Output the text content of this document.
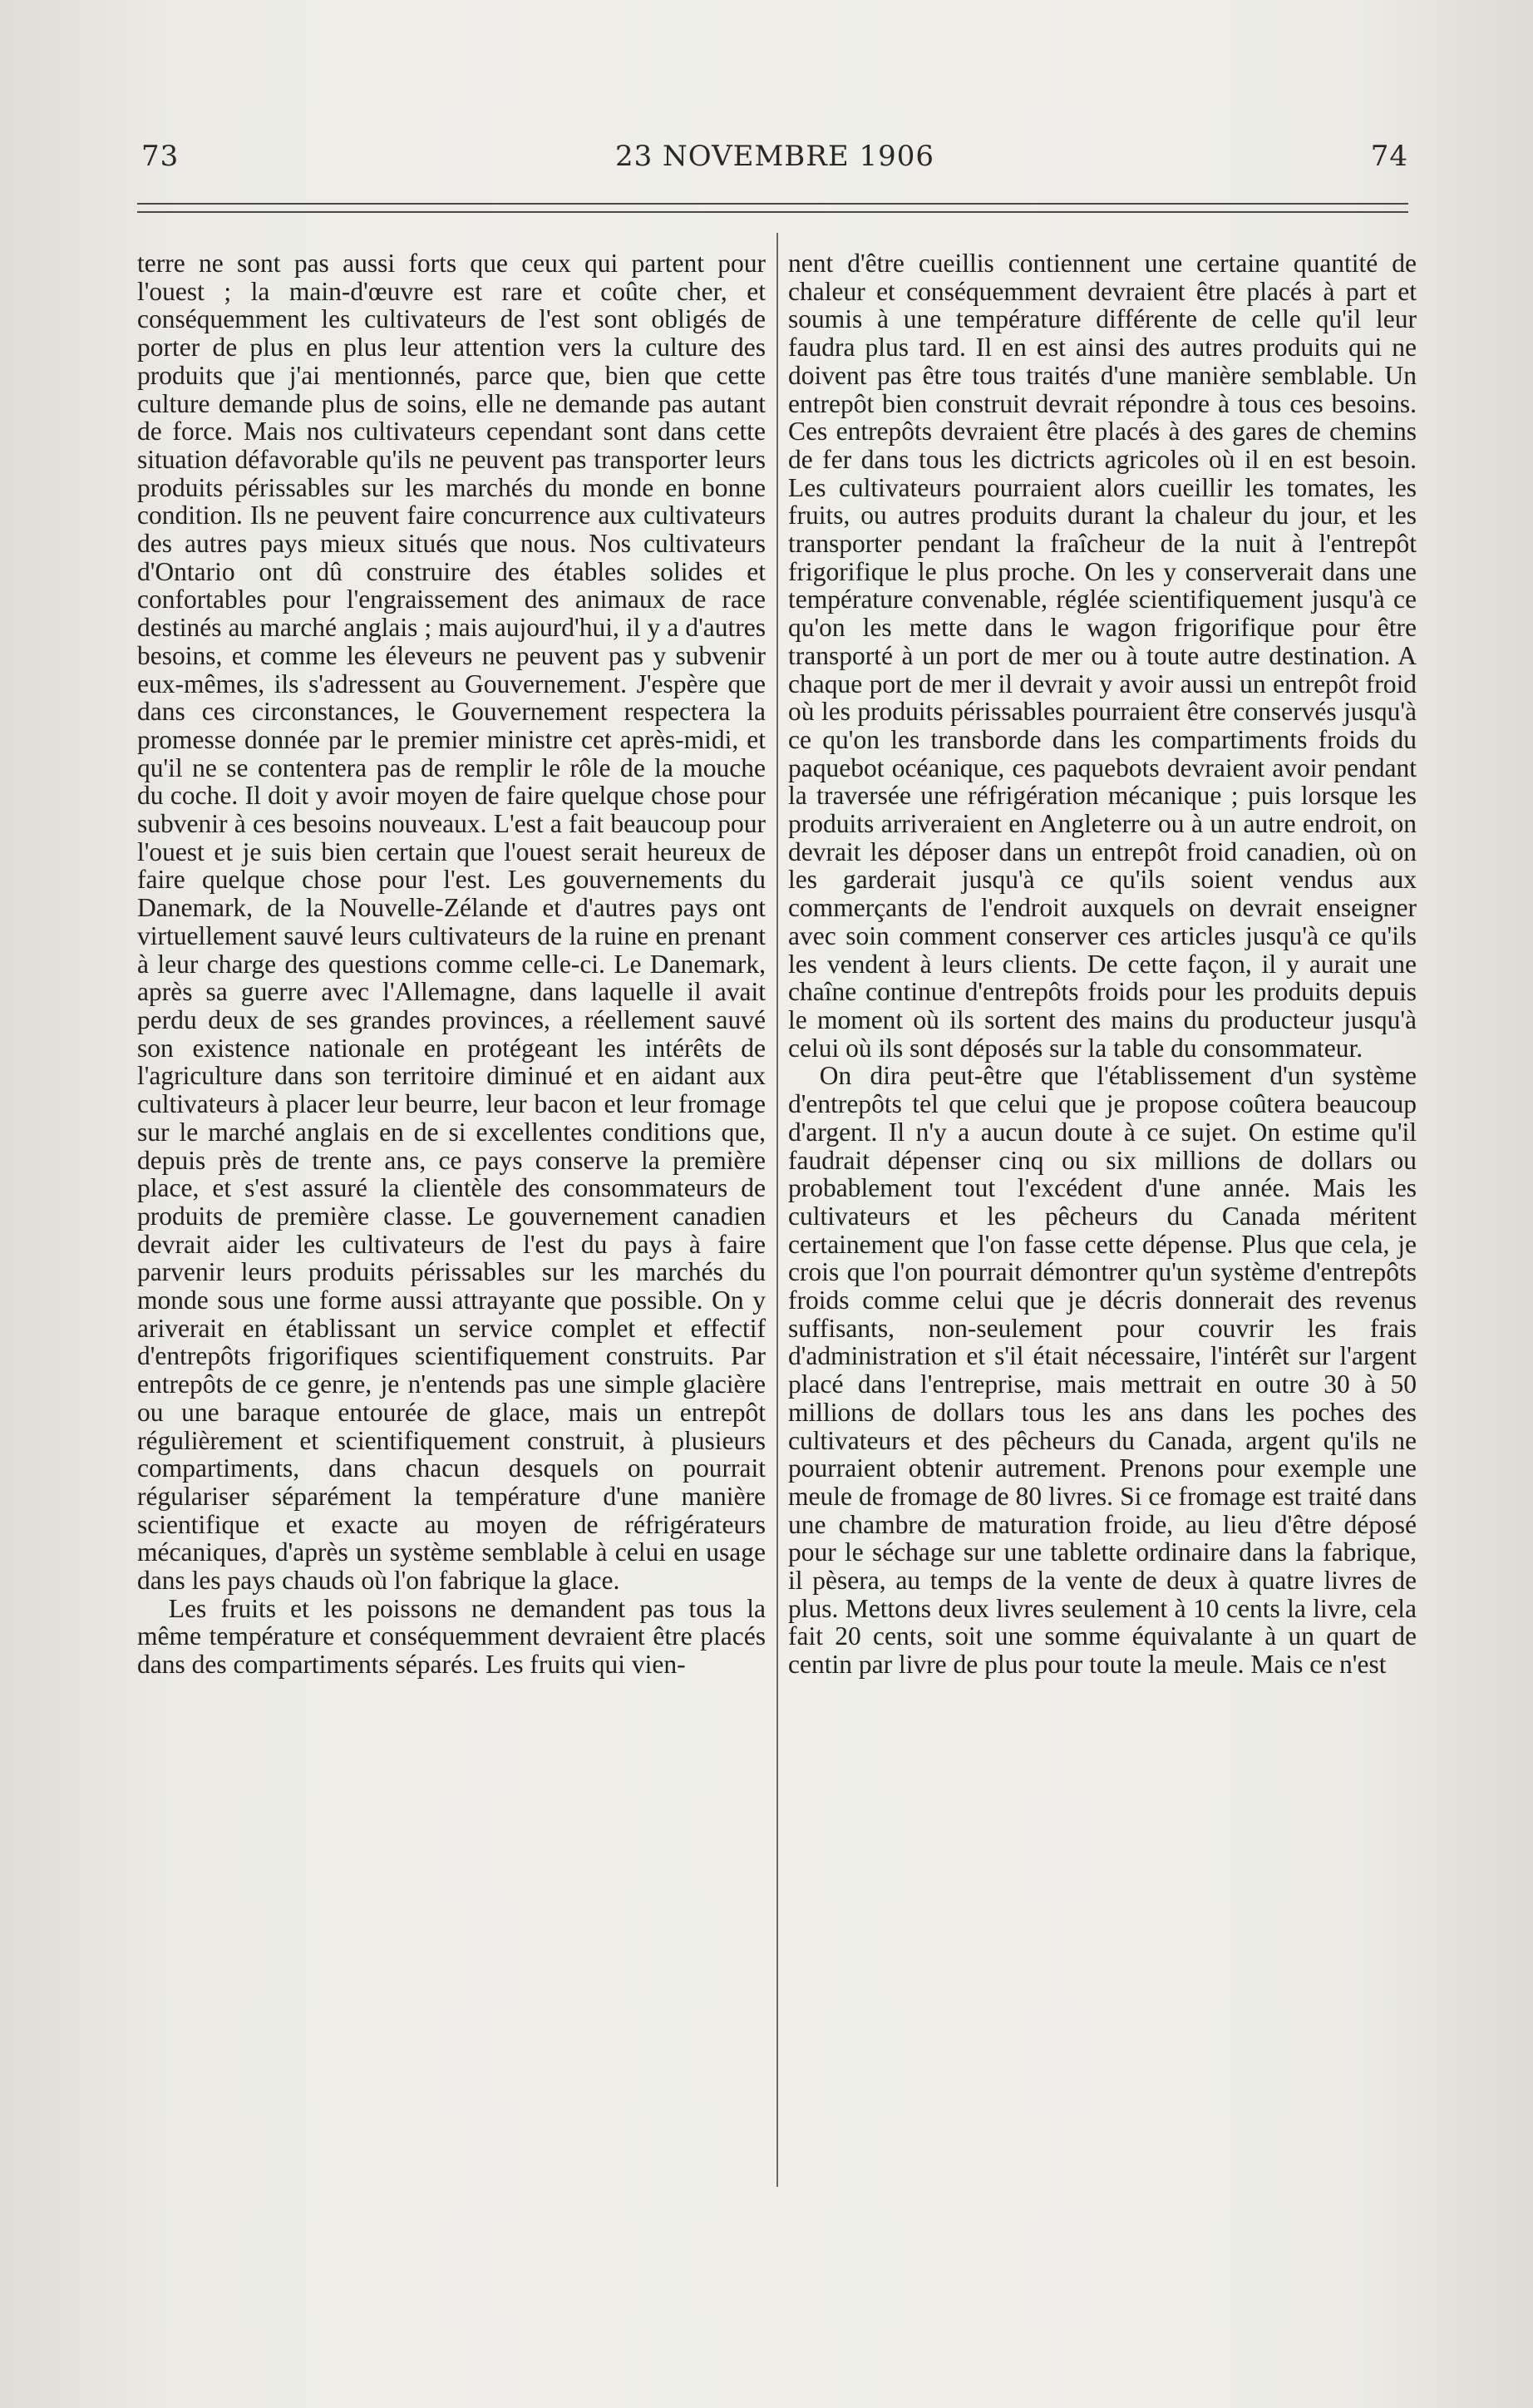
73	23 NOVEMBRE 1906	74

terre ne sont pas aussi forts que ceux qui partent pour l'ouest ; la main-d'œuvre est rare et coûte cher, et conséquemment les cultivateurs de l'est sont obligés de porter de plus en plus leur attention vers la culture des produits que j'ai mentionnés, parce que, bien que cette culture demande plus de soins, elle ne demande pas autant de force. Mais nos cultivateurs cependant sont dans cette situation défavorable qu'ils ne peuvent pas transporter leurs produits périssables sur les marchés du monde en bonne condition. Ils ne peuvent faire concurrence aux cultivateurs des autres pays mieux situés que nous. Nos cultivateurs d'Ontario ont dû construire des étables solides et confortables pour l'engraissement des animaux de race destinés au marché anglais ; mais aujourd'hui, il y a d'autres besoins, et comme les éleveurs ne peuvent pas y subvenir eux-mêmes, ils s'adressent au Gouvernement. J'espère que dans ces circonstances, le Gouvernement respectera la promesse donnée par le premier ministre cet après-midi, et qu'il ne se contentera pas de remplir le rôle de la mouche du coche. Il doit y avoir moyen de faire quelque chose pour subvenir à ces besoins nouveaux. L'est a fait beaucoup pour l'ouest et je suis bien certain que l'ouest serait heureux de faire quelque chose pour l'est. Les gouvernements du Danemark, de la Nouvelle-Zélande et d'autres pays ont virtuellement sauvé leurs cultivateurs de la ruine en prenant à leur charge des questions comme celle-ci. Le Danemark, après sa guerre avec l'Allemagne, dans laquelle il avait perdu deux de ses grandes provinces, a réellement sauvé son existence nationale en protégeant les intérêts de l'agriculture dans son territoire diminué et en aidant aux cultivateurs à placer leur beurre, leur bacon et leur fromage sur le marché anglais en de si excellentes conditions que, depuis près de trente ans, ce pays conserve la première place, et s'est assuré la clientèle des consommateurs de produits de première classe. Le gouvernement canadien devrait aider les cultivateurs de l'est du pays à faire parvenir leurs produits périssables sur les marchés du monde sous une forme aussi attrayante que possible. On y ariverait en établissant un service complet et effectif d'entrepôts frigorifiques scientifiquement construits. Par entrepôts de ce genre, je n'entends pas une simple glacière ou une baraque entourée de glace, mais un entrepôt régulièrement et scientifiquement construit, à plusieurs compartiments, dans chacun desquels on pourrait régulariser séparément la température d'une manière scientifique et exacte au moyen de réfrigérateurs mécaniques, d'après un système semblable à celui en usage dans les pays chauds où l'on fabrique la glace.

Les fruits et les poissons ne demandent pas tous la même température et conséquemment devraient être placés dans des compartiments séparés. Les fruits qui vien-

nent d'être cueillis contiennent une certaine quantité de chaleur et conséquemment devraient être placés à part et soumis à une température différente de celle qu'il leur faudra plus tard. Il en est ainsi des autres produits qui ne doivent pas être tous traités d'une manière semblable. Un entrepôt bien construit devrait répondre à tous ces besoins. Ces entrepôts devraient être placés à des gares de chemins de fer dans tous les dictricts agricoles où il en est besoin. Les cultivateurs pourraient alors cueillir les tomates, les fruits, ou autres produits durant la chaleur du jour, et les transporter pendant la fraîcheur de la nuit à l'entrepôt frigorifique le plus proche. On les y conserverait dans une température convenable, réglée scientifiquement jusqu'à ce qu'on les mette dans le wagon frigorifique pour être transporté à un port de mer ou à toute autre destination. A chaque port de mer il devrait y avoir aussi un entrepôt froid où les produits périssables pourraient être conservés jusqu'à ce qu'on les transborde dans les compartiments froids du paquebot océanique, ces paquebots devraient avoir pendant la traversée une réfrigération mécanique ; puis lorsque les produits arriveraient en Angleterre ou à un autre endroit, on devrait les déposer dans un entrepôt froid canadien, où on les garderait jusqu'à ce qu'ils soient vendus aux commerçants de l'endroit auxquels on devrait enseigner avec soin comment conserver ces articles jusqu'à ce qu'ils les vendent à leurs clients. De cette façon, il y aurait une chaîne continue d'entrepôts froids pour les produits depuis le moment où ils sortent des mains du producteur jusqu'à celui où ils sont déposés sur la table du consommateur.

On dira peut-être que l'établissement d'un système d'entrepôts tel que celui que je propose coûtera beaucoup d'argent. Il n'y a aucun doute à ce sujet. On estime qu'il faudrait dépenser cinq ou six millions de dollars ou probablement tout l'excédent d'une année. Mais les cultivateurs et les pêcheurs du Canada méritent certainement que l'on fasse cette dépense. Plus que cela, je crois que l'on pourrait démontrer qu'un système d'entrepôts froids comme celui que je décris donnerait des revenus suffisants, non-seulement pour couvrir les frais d'administration et s'il était nécessaire, l'intérêt sur l'argent placé dans l'entreprise, mais mettrait en outre 30 à 50 millions de dollars tous les ans dans les poches des cultivateurs et des pêcheurs du Canada, argent qu'ils ne pourraient obtenir autrement. Prenons pour exemple une meule de fromage de 80 livres. Si ce fromage est traité dans une chambre de maturation froide, au lieu d'être déposé pour le séchage sur une tablette ordinaire dans la fabrique, il pèsera, au temps de la vente de deux à quatre livres de plus. Mettons deux livres seulement à 10 cents la livre, cela fait 20 cents, soit une somme équivalante à un quart de centin par livre de plus pour toute la meule. Mais ce n'est
